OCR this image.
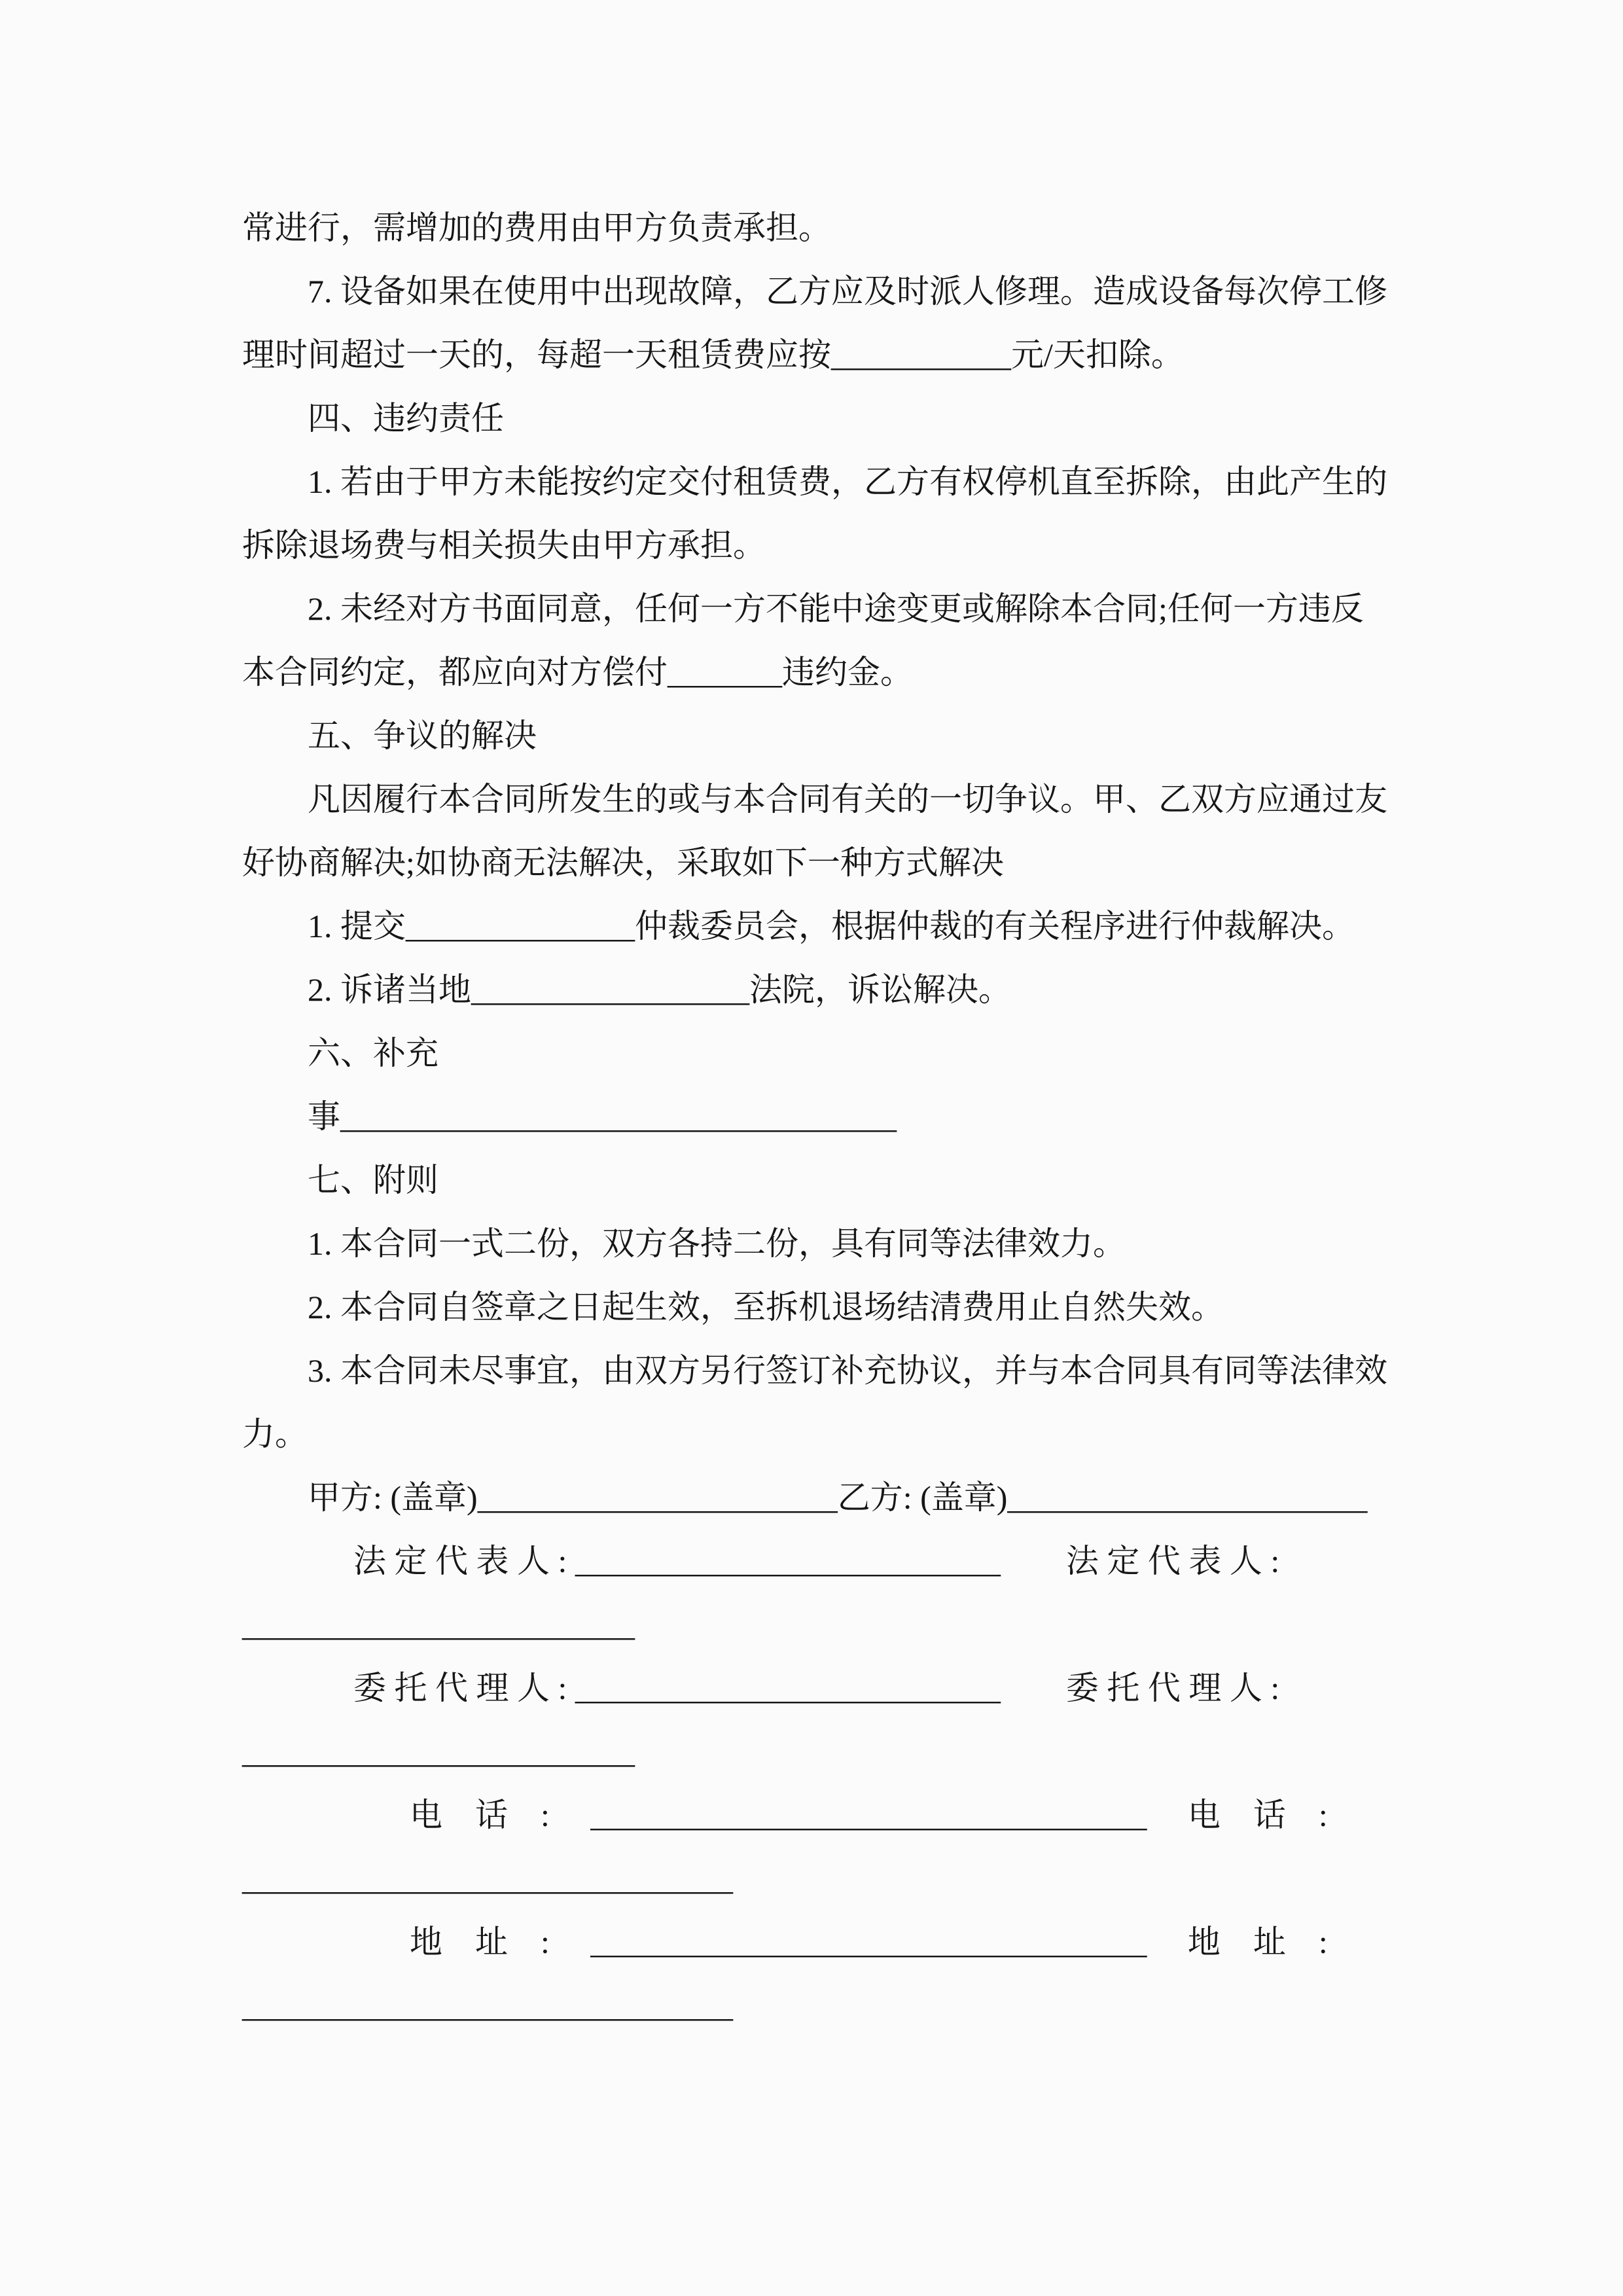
常进行，需增加的费用由甲方负责承担。
7. 设备如果在使用中出现故障，乙方应及时派人修理。造成设备每次停工修
理时间超过一天的，每超一天租赁费应按___________元/天扣除。
四、违约责任
1. 若由于甲方未能按约定交付租赁费，乙方有权停机直至拆除，由此产生的
拆除退场费与相关损失由甲方承担。
2. 未经对方书面同意，任何一方不能中途变更或解除本合同;任何一方违反
本合同约定，都应向对方偿付_______违约金。
五、争议的解决
凡因履行本合同所发生的或与本合同有关的一切争议。甲、乙双方应通过友
好协商解决;如协商无法解决，采取如下一种方式解决
1. 提交______________仲裁委员会，根据仲裁的有关程序进行仲裁解决。
2. 诉诸当地_________________法院，诉讼解决。
六、补充
事__________________________________
七、附则
1. 本合同一式二份，双方各持二份，具有同等法律效力。
2. 本合同自签章之日起生效，至拆机退场结清费用止自然失效。
3. 本合同未尽事宜，由双方另行签订补充协议，并与本合同具有同等法律效
力。
甲方: (盖章)______________________乙方: (盖章)______________________
法 定 代 表 人 : __________________________　　法 定 代 表 人 :
________________________
委 托 代 理 人 : __________________________　　委 托 代 理 人 :
________________________
电　话　: 　__________________________________　 电　话　:
______________________________
地　址　: 　__________________________________　 地　址　:
______________________________
